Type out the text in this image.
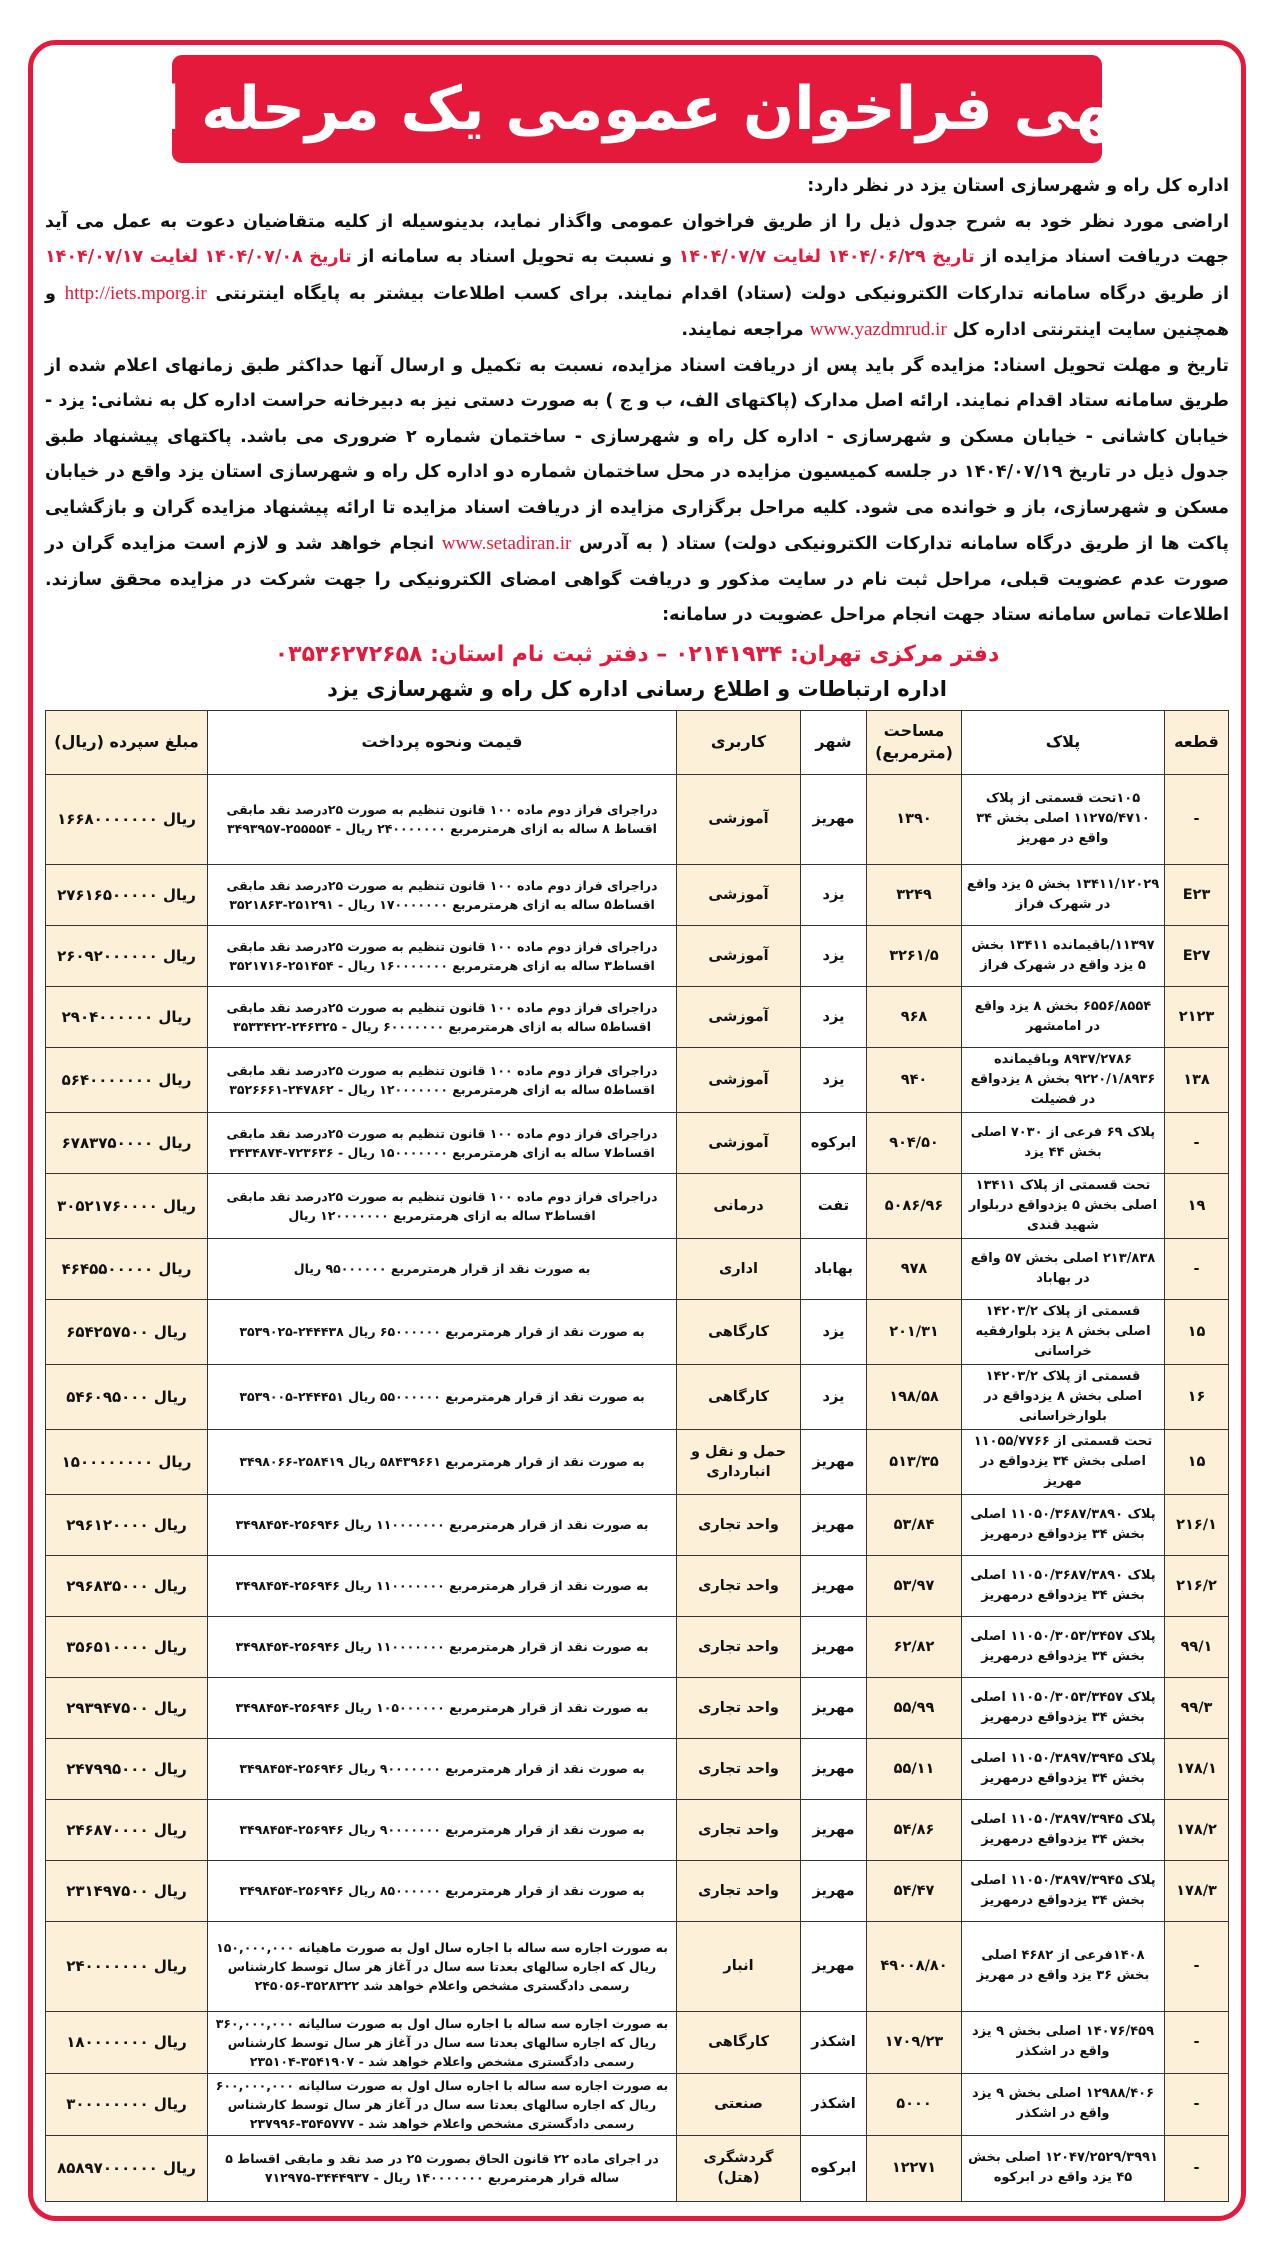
آگهی فراخوان عمومی یک مرحله ای

اداره کل راه و شهرسازی استان یزد در نظر دارد:

اراضی مورد نظر خود به شرح جدول ذیل را از طریق فراخوان عمومی واگذار نماید، بدینوسیله از کلیه متقاضیان دعوت به عمل می آید جهت دریافت اسناد مزایده از تاریخ ۱۴۰۴/۰۶/۲۹ لغایت ۱۴۰۴/۰۷/۷ و نسبت به تحویل اسناد به سامانه از تاریخ ۱۴۰۴/۰۷/۰۸ لغایت ۱۴۰۴/۰۷/۱۷ از طریق درگاه سامانه تدارکات الکترونیکی دولت (ستاد) اقدام نمایند. برای کسب اطلاعات بیشتر به پایگاه اینترنتی http://iets.mporg.ir و همچنین سایت اینترنتی اداره کل www.yazdmrud.ir مراجعه نمایند.

تاریخ و مهلت تحویل اسناد: مزایده گر باید پس از دریافت اسناد مزایده، نسبت به تکمیل و ارسال آنها حداکثر طبق زمانهای اعلام شده از طریق سامانه ستاد اقدام نمایند. ارائه اصل مدارک (پاکتهای الف، ب و ج ) به صورت دستی نیز به دبیرخانه حراست اداره کل به نشانی: یزد - خیابان کاشانی - خیابان مسکن و شهرسازی - اداره کل راه و شهرسازی - ساختمان شماره ۲ ضروری می باشد. پاکتهای پیشنهاد طبق جدول ذیل در تاریخ ۱۴۰۴/۰۷/۱۹ در جلسه کمیسیون مزایده در محل ساختمان شماره دو اداره کل راه و شهرسازی استان یزد واقع در خیابان مسکن و شهرسازی، باز و خوانده می شود. کلیه مراحل برگزاری مزایده از دریافت اسناد مزایده تا ارائه پیشنهاد مزایده گران و بازگشایی پاکت ها از طریق درگاه سامانه تدارکات الکترونیکی دولت) ستاد ( به آدرس www.setadiran.ir انجام خواهد شد و لازم است مزایده گران در صورت عدم عضویت قبلی، مراحل ثبت نام در سایت مذکور و دریافت گواهی امضای الکترونیکی را جهت شرکت در مزایده محقق سازند. اطلاعات تماس سامانه ستاد جهت انجام مراحل عضویت در سامانه:

دفتر مرکزی تهران: ۰۲۱۴۱۹۳۴ – دفتر ثبت نام استان: ۰۳۵۳۶۲۷۲۶۵۸
اداره ارتباطات و اطلاع رسانی اداره کل راه و شهرسازی یزد
قطعه	پلاک	مساحت (مترمربع)	شهر	کاربری	قیمت ونحوه پرداخت	مبلغ سپرده (ریال)
-	۱۰۵تحت قسمتی از پلاک ۱۱۲۷۵/۴۷۱۰ اصلی بخش ۳۴ واقع در مهریز	۱۳۹۰	مهریز	آموزشی	دراجرای فراز دوم ماده ۱۰۰ قانون تنظیم به صورت ۲۵درصد نقد مابقی اقساط ۸ ساله به ازای هرمترمربع ۲۴۰۰۰۰۰۰۰ ریال - ۲۵۵۵۵۴-۳۴۹۳۹۵۷	۱۶۶۸۰۰۰۰۰۰۰ ریال
E۲۳	۱۳۴۱۱/۱۲۰۲۹ بخش ۵ یزد واقع در شهرک فراز	۳۲۴۹	یزد	آموزشی	دراجرای فراز دوم ماده ۱۰۰ قانون تنظیم به صورت ۲۵درصد نقد مابقی اقساط۵ ساله به ازای هرمترمربع ۱۷۰۰۰۰۰۰۰ ریال - ۲۵۱۲۹۱-۳۵۲۱۸۶۳	۲۷۶۱۶۵۰۰۰۰۰ ریال
E۲۷	۱۱۳۹۷/باقیمانده ۱۳۴۱۱ بخش ۵ یزد واقع در شهرک فراز	۳۲۶۱/۵	یزد	آموزشی	دراجرای فراز دوم ماده ۱۰۰ قانون تنظیم به صورت ۲۵درصد نقد مابقی اقساط۳ ساله به ازای هرمترمربع ۱۶۰۰۰۰۰۰۰ ریال - ۲۵۱۴۵۴-۳۵۲۱۷۱۶	۲۶۰۹۲۰۰۰۰۰۰ ریال
۲۱۲۳	۶۵۵۶/۸۵۵۴ بخش ۸ یزد واقع در امامشهر	۹۶۸	یزد	آموزشی	دراجرای فراز دوم ماده ۱۰۰ قانون تنظیم به صورت ۲۵درصد نقد مابقی اقساط۵ ساله به ازای هرمترمربع ۶۰۰۰۰۰۰۰ ریال - ۲۴۶۳۲۵-۳۵۳۳۴۲۲	۲۹۰۴۰۰۰۰۰۰ ریال
۱۳۸	۸۹۳۷/۲۷۸۶ وباقیمانده ۹۲۲۰/۱/۸۹۳۶ بخش ۸ یزدواقع در فضیلت	۹۴۰	یزد	آموزشی	دراجرای فراز دوم ماده ۱۰۰ قانون تنظیم به صورت ۲۵درصد نقد مابقی اقساط۵ ساله به ازای هرمترمربع ۱۲۰۰۰۰۰۰۰ ریال - ۲۴۷۸۶۲-۳۵۲۶۶۶۱	۵۶۴۰۰۰۰۰۰۰ ریال
-	پلاک ۶۹ فرعی از ۷۰۳۰ اصلی بخش ۴۴ یزد	۹۰۴/۵۰	ابرکوه	آموزشی	دراجرای فراز دوم ماده ۱۰۰ قانون تنظیم به صورت ۲۵درصد نقد مابقی اقساط۷ ساله به ازای هرمترمربع ۱۵۰۰۰۰۰۰۰ ریال - ۷۲۳۶۳۶-۳۴۳۴۸۷۴	۶۷۸۳۷۵۰۰۰۰ ریال
۱۹	تحت قسمتی از پلاک ۱۳۴۱۱ اصلی بخش ۵ یزدواقع دربلوار شهید قندی	۵۰۸۶/۹۶	تفت	درمانی	دراجرای فراز دوم ماده ۱۰۰ قانون تنظیم به صورت ۲۵درصد نقد مابقی اقساط۳ ساله به ازای هرمترمربع ۱۲۰۰۰۰۰۰۰ ریال	۳۰۵۲۱۷۶۰۰۰۰ ریال
-	۲۱۳/۸۳۸ اصلی بخش ۵۷ واقع در بهاباد	۹۷۸	بهاباد	اداری	به صورت نقد از قرار هرمترمربع ۹۵۰۰۰۰۰۰ ریال	۴۶۴۵۵۰۰۰۰۰ ریال
۱۵	قسمتی از پلاک ۱۴۲۰۳/۲ اصلی بخش ۸ یزد بلوارفقیه خراسانی	۲۰۱/۳۱	یزد	کارگاهی	به صورت نقد از قرار هرمترمربع ۶۵۰۰۰۰۰۰ ریال ۲۴۴۴۳۸-۳۵۳۹۰۲۵	۶۵۴۲۵۷۵۰۰ ریال
۱۶	قسمتی از پلاک ۱۴۲۰۳/۲ اصلی بخش ۸ یزدواقع در بلوارخراسانی	۱۹۸/۵۸	یزد	کارگاهی	به صورت نقد از قرار هرمترمربع ۵۵۰۰۰۰۰۰ ریال ۲۴۴۴۵۱-۳۵۳۹۰۰۵	۵۴۶۰۹۵۰۰۰ ریال
۱۵	تحت قسمتی از ۱۱۰۵۵/۷۷۶۶ اصلی بخش ۳۴ یزدواقع در مهریز	۵۱۳/۳۵	مهریز	حمل و نقل و انبارداری	به صورت نقد از قرار هرمترمربع ۵۸۴۳۹۶۶۱ ریال ۲۵۸۴۱۹-۳۴۹۸۰۶۶	۱۵۰۰۰۰۰۰۰۰ ریال
۲۱۶/۱	پلاک ۱۱۰۵۰/۳۶۸۷/۳۸۹۰ اصلی بخش ۳۴ یزدواقع درمهریز	۵۳/۸۴	مهریز	واحد تجاری	به صورت نقد از قرار هرمترمربع ۱۱۰۰۰۰۰۰۰ ریال ۲۵۶۹۴۶-۳۴۹۸۴۵۴	۲۹۶۱۲۰۰۰۰ ریال
۲۱۶/۲	پلاک ۱۱۰۵۰/۳۶۸۷/۳۸۹۰ اصلی بخش ۳۴ یزدواقع درمهریز	۵۳/۹۷	مهریز	واحد تجاری	به صورت نقد از قرار هرمترمربع ۱۱۰۰۰۰۰۰۰ ریال ۲۵۶۹۴۶-۳۴۹۸۴۵۴	۲۹۶۸۳۵۰۰۰ ریال
۹۹/۱	پلاک ۱۱۰۵۰/۳۰۵۳/۳۴۵۷ اصلی بخش ۳۴ یزدواقع درمهریز	۶۲/۸۲	مهریز	واحد تجاری	به صورت نقد از قرار هرمترمربع ۱۱۰۰۰۰۰۰۰ ریال ۲۵۶۹۴۶-۳۴۹۸۴۵۴	۳۵۶۵۱۰۰۰۰ ریال
۹۹/۳	پلاک ۱۱۰۵۰/۳۰۵۳/۳۴۵۷ اصلی بخش ۳۴ یزدواقع درمهریز	۵۵/۹۹	مهریز	واحد تجاری	به صورت نقد از قرار هرمترمربع ۱۰۵۰۰۰۰۰۰ ریال ۲۵۶۹۴۶-۳۴۹۸۴۵۴	۲۹۳۹۴۷۵۰۰ ریال
۱۷۸/۱	پلاک ۱۱۰۵۰/۳۸۹۷/۳۹۴۵ اصلی بخش ۳۴ یزدواقع درمهریز	۵۵/۱۱	مهریز	واحد تجاری	به صورت نقد از قرار هرمترمربع ۹۰۰۰۰۰۰۰ ریال ۲۵۶۹۴۶-۳۴۹۸۴۵۴	۲۴۷۹۹۵۰۰۰ ریال
۱۷۸/۲	پلاک ۱۱۰۵۰/۳۸۹۷/۳۹۴۵ اصلی بخش ۳۴ یزدواقع درمهریز	۵۴/۸۶	مهریز	واحد تجاری	به صورت نقد از قرار هرمترمربع ۹۰۰۰۰۰۰۰ ریال ۲۵۶۹۴۶-۳۴۹۸۴۵۴	۲۴۶۸۷۰۰۰۰ ریال
۱۷۸/۳	پلاک ۱۱۰۵۰/۳۸۹۷/۳۹۴۵ اصلی بخش ۳۴ یزدواقع درمهریز	۵۴/۴۷	مهریز	واحد تجاری	به صورت نقد از قرار هرمترمربع ۸۵۰۰۰۰۰۰ ریال ۲۵۶۹۴۶-۳۴۹۸۴۵۴	۲۳۱۴۹۷۵۰۰ ریال
-	۱۴۰۸فرعی از ۴۶۸۲ اصلی بخش ۳۶ یزد واقع در مهریز	۴۹۰۰۸/۸۰	مهریز	انبار	به صورت اجاره سه ساله با اجاره سال اول به صورت ماهیانه ۱۵۰,۰۰۰,۰۰۰ ریال که اجاره سالهای بعدتا سه سال در آغاز هر سال توسط کارشناس رسمی دادگستری مشخص واعلام خواهد شد ۳۵۲۸۳۲۲-۲۴۵۰۵۶	۲۴۰۰۰۰۰۰۰ ریال
-	۱۴۰۷۶/۴۵۹ اصلی بخش ۹ یزد واقع در اشکذر	۱۷۰۹/۲۳	اشکذر	کارگاهی	به صورت اجاره سه ساله با اجاره سال اول به صورت سالیانه ۳۶۰,۰۰۰,۰۰۰ ریال که اجاره سالهای بعدتا سه سال در آغاز هر سال توسط کارشناس رسمی دادگستری مشخص واعلام خواهد شد - ۳۵۴۱۹۰۷-۲۳۵۱۰۴	۱۸۰۰۰۰۰۰۰ ریال
-	۱۲۹۸۸/۴۰۶ اصلی بخش ۹ یزد واقع در اشکذر	۵۰۰۰	اشکذر	صنعتی	به صورت اجاره سه ساله با اجاره سال اول به صورت سالیانه ۶۰۰,۰۰۰,۰۰۰ ریال که اجاره سالهای بعدتا سه سال در آغاز هر سال توسط کارشناس رسمی دادگستری مشخص واعلام خواهد شد - ۳۵۴۵۷۷۷-۲۳۷۹۹۶	۳۰۰۰۰۰۰۰۰ ریال
-	۱۲۰۴۷/۲۵۲۹/۳۹۹۱ اصلی بخش ۴۵ یزد واقع در ابرکوه	۱۲۲۷۱	ابرکوه	گردشگری (هتل)	در اجرای ماده ۲۲ قانون الحاق بصورت ۲۵ در صد نقد و مابقی اقساط ۵ ساله قرار هرمترمربع ۱۴۰۰۰۰۰۰۰ ریال - ۳۴۴۴۹۳۷-۷۱۲۹۷۵	۸۵۸۹۷۰۰۰۰۰۰ ریال
